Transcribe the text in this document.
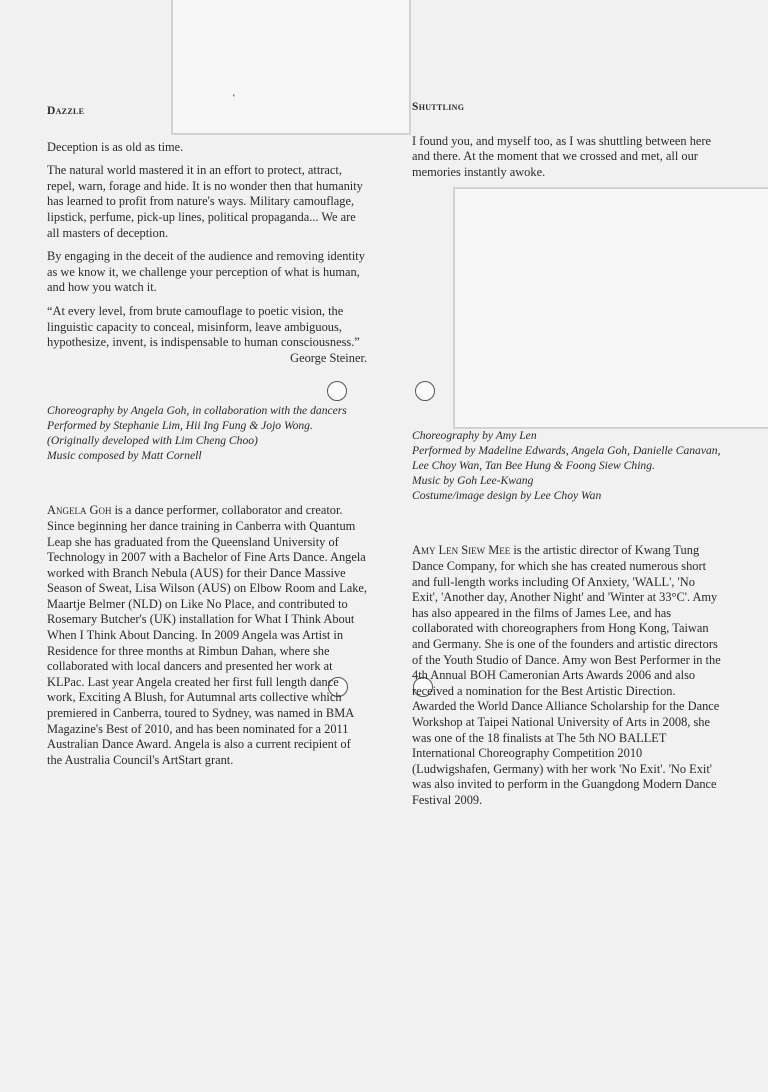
‘
Dazzle

Deception is as old as time.

The natural world mastered it in an effort to protect, attract, repel, warn, forage and hide. It is no wonder then that humanity has learned to profit from nature's ways. Military camouflage, lipstick, perfume, pick-up lines, political propaganda... We are all masters of deception.

By engaging in the deceit of the audience and removing identity as we know it, we challenge your perception of what is human, and how you watch it.

“At every level, from brute camouflage to poetic vision, the linguistic capacity to conceal, misinform, leave ambiguous, hypothesize, invent, is indispensable to human consciousness.”

George Steiner.
Choreography by Angela Goh, in collaboration with the dancers
Performed by Stephanie Lim, Hii Ing Fung & Jojo Wong. (Originally developed with Lim Cheng Choo)
Music composed by Matt Cornell

Angela Goh is a dance performer, collaborator and creator. Since beginning her dance training in Canberra with Quantum Leap she has graduated from the Queensland University of Technology in 2007 with a Bachelor of Fine Arts Dance. Angela worked with Branch Nebula (AUS) for their Dance Massive Season of Sweat, Lisa Wilson (AUS) on Elbow Room and Lake, Maartje Belmer (NLD) on Like No Place, and contributed to Rosemary Butcher's (UK) installation for What I Think About When I Think About Dancing. In 2009 Angela was Artist in Residence for three months at Rimbun Dahan, where she collaborated with local dancers and presented her work at KLPac. Last year Angela created her first full length dance work, Exciting A Blush, for Autumnal arts collective which premiered in Canberra, toured to Sydney, was named in BMA Magazine's Best of 2010, and has been nominated for a 2011 Australian Dance Award. Angela is also a current recipient of the Australia Council's ArtStart grant.

Shuttling

I found you, and myself too, as I was shuttling between here and there. At the moment that we crossed and met, all our memories instantly awoke.

Choreography by Amy Len
Performed by Madeline Edwards, Angela Goh, Danielle Canavan, Lee Choy Wan, Tan Bee Hung & Foong Siew Ching.
Music by Goh Lee-Kwang
Costume/image design by Lee Choy Wan

Amy Len Siew Mee is the artistic director of Kwang Tung Dance Company, for which she has created numerous short and full-length works including Of Anxiety, 'WALL', 'No Exit', 'Another day, Another Night' and 'Winter at 33°C'. Amy has also appeared in the films of James Lee, and has collaborated with choreographers from Hong Kong, Taiwan and Germany. She is one of the founders and artistic directors of the Youth Studio of Dance. Amy won Best Performer in the 4th Annual BOH Cameronian Arts Awards 2006 and also received a nomination for the Best Artistic Direction. Awarded the World Dance Alliance Scholarship for the Dance Workshop at Taipei National University of Arts in 2008, she was one of the 18 finalists at The 5th NO BALLET International Choreography Competition 2010 (Ludwigshafen, Germany) with her work 'No Exit'. 'No Exit' was also invited to perform in the Guangdong Modern Dance Festival 2009.
